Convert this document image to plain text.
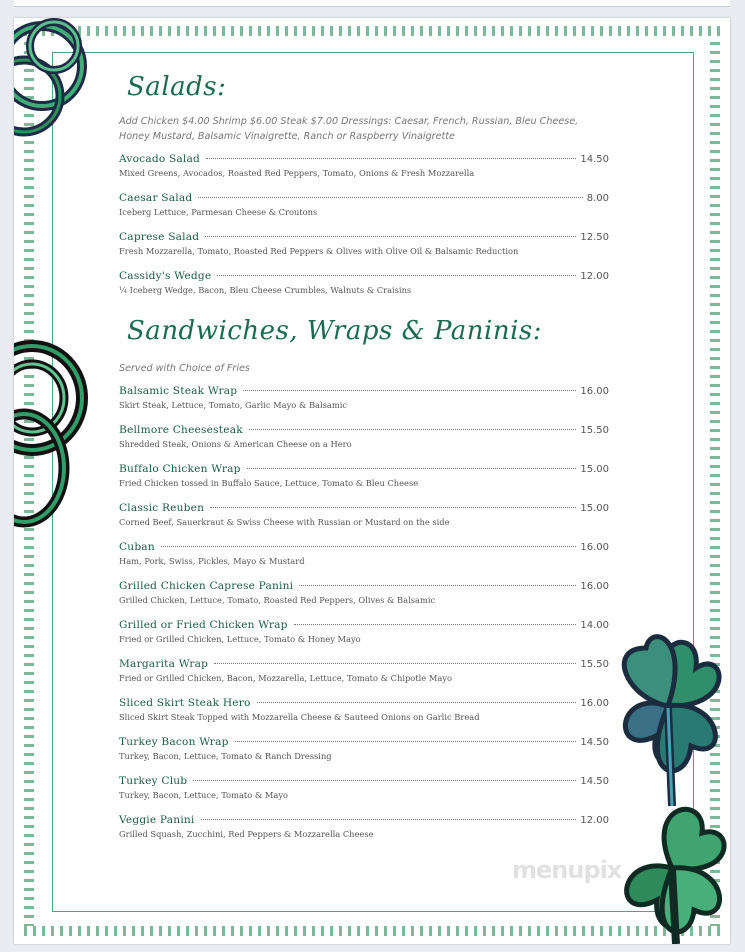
menupix
Salads:
Add Chicken $4.00 Shrimp $6.00 Steak $7.00 Dressings: Caesar, French, Russian, Bleu Cheese, Honey Mustard, Balsamic Vinaigrette, Ranch or Raspberry Vinaigrette
Avocado Salad	14.50
Mixed Greens, Avocados, Roasted Red Peppers, Tomato, Onions & Fresh Mozzarella
Caesar Salad	8.00
Iceberg Lettuce, Parmesan Cheese & Croutons
Caprese Salad	12.50
Fresh Mozzarella, Tomato, Roasted Red Peppers & Olives with Olive Oil & Balsamic Reduction
Cassidy's Wedge	12.00
¼ Iceberg Wedge, Bacon, Bleu Cheese Crumbles, Walnuts & Craisins
Sandwiches, Wraps & Paninis:
Served with Choice of Fries
Balsamic Steak Wrap	16.00
Skirt Steak, Lettuce, Tomato, Garlic Mayo & Balsamic
Bellmore Cheesesteak	15.50
Shredded Steak, Onions & American Cheese on a Hero
Buffalo Chicken Wrap	15.00
Fried Chicken tossed in Buffalo Sauce, Lettuce, Tomato & Bleu Cheese
Classic Reuben	15.00
Corned Beef, Sauerkraut & Swiss Cheese with Russian or Mustard on the side
Cuban	16.00
Ham, Pork, Swiss, Pickles, Mayo & Mustard
Grilled Chicken Caprese Panini	16.00
Grilled Chicken, Lettuce, Tomato, Roasted Red Peppers, Olives & Balsamic
Grilled or Fried Chicken Wrap	14.00
Fried or Grilled Chicken, Lettuce, Tomato & Honey Mayo
Margarita Wrap	15.50
Fried or Grilled Chicken, Bacon, Mozzarella, Lettuce, Tomato & Chipotle Mayo
Sliced Skirt Steak Hero	16.00
Sliced Skirt Steak Topped with Mozzarella Cheese & Sauteed Onions on Garlic Bread
Turkey Bacon Wrap	14.50
Turkey, Bacon, Lettuce, Tomato & Ranch Dressing
Turkey Club	14.50
Turkey, Bacon, Lettuce, Tomato & Mayo
Veggie Panini	12.00
Grilled Squash, Zucchini, Red Peppers & Mozzarella Cheese
